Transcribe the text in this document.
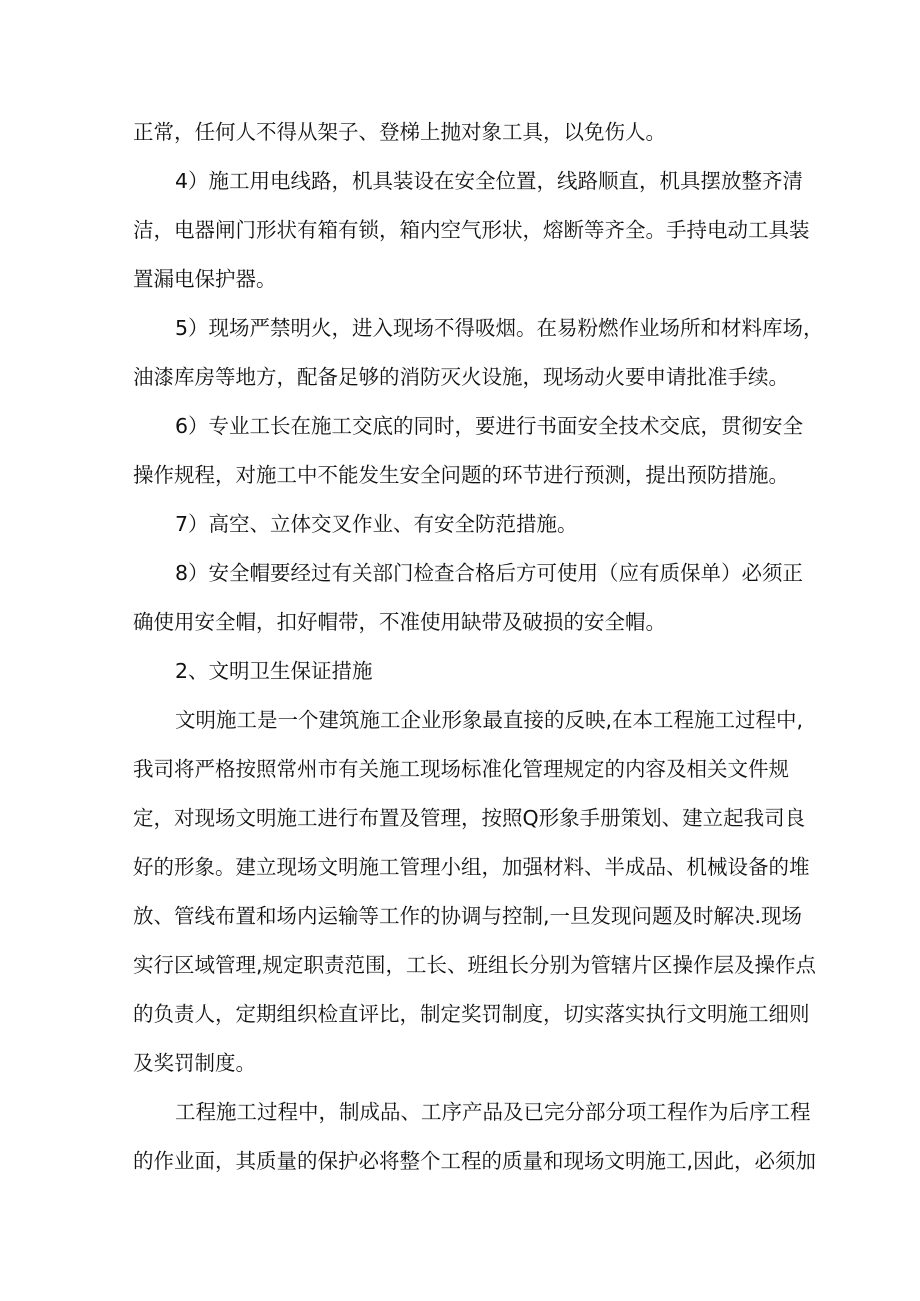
正常，任何人不得从架子、登梯上抛对象工具，以免伤人。
4）施工用电线路，机具装设在安全位置，线路顺直，机具摆放整齐清
洁，电器闸门形状有箱有锁，箱内空气形状，熔断等齐全。手持电动工具装
置漏电保护器。
5）现场严禁明火，进入现场不得吸烟。在易粉燃作业场所和材料库场，
油漆库房等地方，配备足够的消防灭火设施，现场动火要申请批准手续。
6）专业工长在施工交底的同时，要进行书面安全技术交底，贯彻安全
操作规程，对施工中不能发生安全问题的环节进行预测，提出预防措施。
7）高空、立体交叉作业、有安全防范措施。
8）安全帽要经过有关部门检查合格后方可使用（应有质保单）必须正
确使用安全帽，扣好帽带，不准使用缺带及破损的安全帽。
2、文明卫生保证措施
文明施工是一个建筑施工企业形象最直接的反映,在本工程施工过程中,
我司将严格按照常州市有关施工现场标准化管理规定的内容及相关文件规
定，对现场文明施工进行布置及管理，按照Q形象手册策划、建立起我司良
好的形象。建立现场文明施工管理小组，加强材料、半成品、机械设备的堆
放、管线布置和场内运输等工作的协调与控制,一旦发现问题及时解决.现场
实行区域管理,规定职责范围，工长、班组长分别为管辖片区操作层及操作点
的负责人，定期组织检直评比，制定奖罚制度，切实落实执行文明施工细则
及奖罚制度。
工程施工过程中，制成品、工序产品及已完分部分项工程作为后序工程
的作业面，其质量的保护必将整个工程的质量和现场文明施工,因此，必须加
